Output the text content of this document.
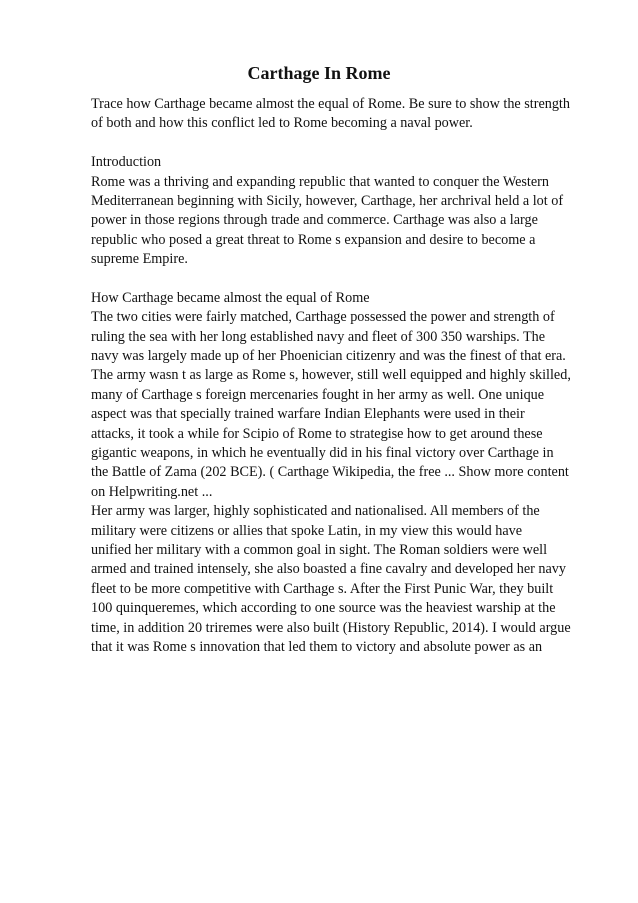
Carthage In Rome
Trace how Carthage became almost the equal of Rome. Be sure to show the strength
of both and how this conflict led to Rome becoming a naval power.
Introduction
Rome was a thriving and expanding republic that wanted to conquer the Western
Mediterranean beginning with Sicily, however, Carthage, her archrival held a lot of
power in those regions through trade and commerce. Carthage was also a large
republic who posed a great threat to Rome s expansion and desire to become a
supreme Empire.
How Carthage became almost the equal of Rome
The two cities were fairly matched, Carthage possessed the power and strength of
ruling the sea with her long established navy and fleet of 300 350 warships. The
navy was largely made up of her Phoenician citizenry and was the finest of that era.
The army wasn t as large as Rome s, however, still well equipped and highly skilled,
many of Carthage s foreign mercenaries fought in her army as well. One unique
aspect was that specially trained warfare Indian Elephants were used in their
attacks, it took a while for Scipio of Rome to strategise how to get around these
gigantic weapons, in which he eventually did in his final victory over Carthage in
the Battle of Zama (202 BCE). ( Carthage Wikipedia, the free ... Show more content
on Helpwriting.net ...
Her army was larger, highly sophisticated and nationalised. All members of the
military were citizens or allies that spoke Latin, in my view this would have
unified her military with a common goal in sight. The Roman soldiers were well
armed and trained intensely, she also boasted a fine cavalry and developed her navy
fleet to be more competitive with Carthage s. After the First Punic War, they built
100 quinqueremes, which according to one source was the heaviest warship at the
time, in addition 20 triremes were also built (History Republic, 2014). I would argue
that it was Rome s innovation that led them to victory and absolute power as an
